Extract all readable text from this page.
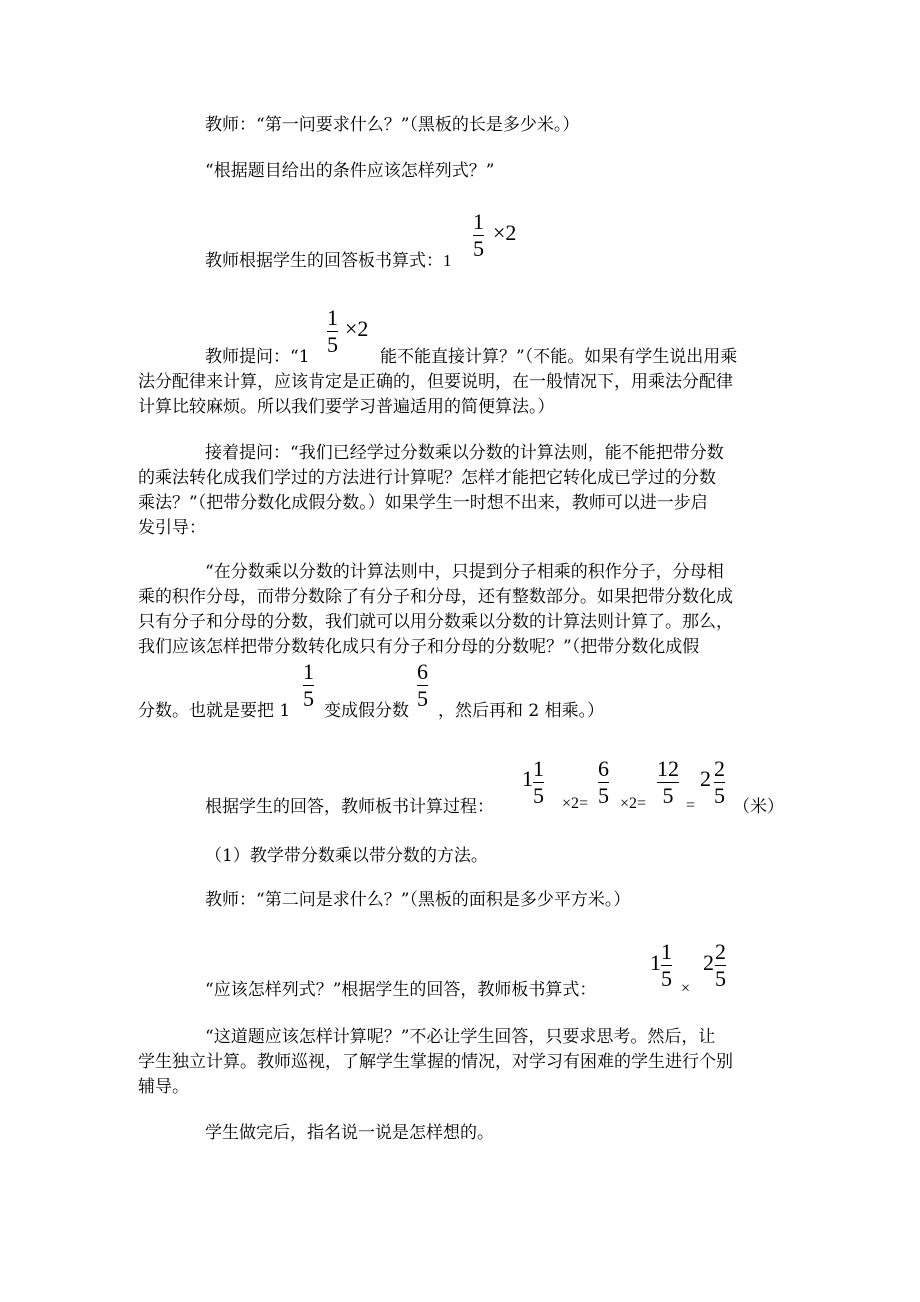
教师：“第一问要求什么？”（黑板的长是多少米。）
“根据题目给出的条件应该怎样列式？”
教师根据学生的回答板书算式：1
1
5
×2
教师提问：“1
1
5
×2
能不能直接计算？”（不能。如果有学生说出用乘
法分配律来计算，应该肯定是正确的，但要说明，在一般情况下，用乘法分配律
计算比较麻烦。所以我们要学习普遍适用的简便算法。）
接着提问：“我们已经学过分数乘以分数的计算法则，能不能把带分数
的乘法转化成我们学过的方法进行计算呢？怎样才能把它转化成已学过的分数
乘法？”（把带分数化成假分数。）如果学生一时想不出来，教师可以进一步启
发引导：
“在分数乘以分数的计算法则中，只提到分子相乘的积作分子，分母相
乘的积作分母，而带分数除了有分子和分母，还有整数部分。如果把带分数化成
只有分子和分母的分数，我们就可以用分数乘以分数的计算法则计算了。那么，
我们应该怎样把带分数转化成只有分子和分母的分数呢？”（把带分数化成假
分数。也就是要把 1
1
5 变成假分数
6
5 ，然后再和 2 相乘。）
根据学生的回答，教师板书计算过程：
1 1
5 ×2=
6
5 ×2=
12
5 =
2 2
5 （米）
（1）教学带分数乘以带分数的方法。
教师：“第二问是求什么？”（黑板的面积是多少平方米。）
“应该怎样列式？”根据学生的回答，教师板书算式：
1 1
5 ×
2 2
5
“这道题应该怎样计算呢？”不必让学生回答，只要求思考。然后，让
学生独立计算。教师巡视，了解学生掌握的情况，对学习有困难的学生进行个别
辅导。
学生做完后，指名说一说是怎样想的。
